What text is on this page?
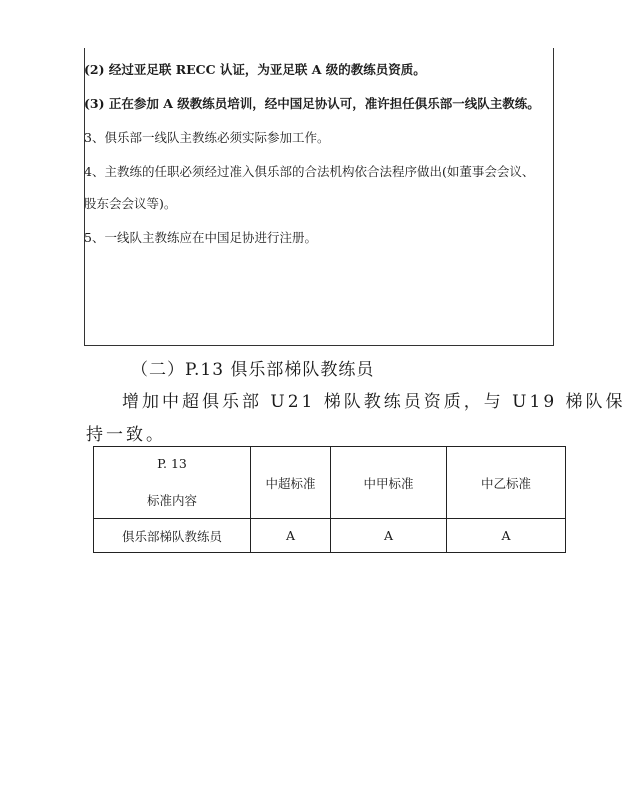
(2) 经过亚足联 RECC 认证，为亚足联 A 级的教练员资质。
(3) 正在参加 A 级教练员培训，经中国足协认可，准许担任俱乐部一线队主教练。
3、俱乐部一线队主教练必须实际参加工作。
4、主教练的任职必须经过准入俱乐部的合法机构依合法程序做出(如董事会会议、
股东会会议等)。
5、一线队主教练应在中国足协进行注册。
（二）P.13 俱乐部梯队教练员
增加中超俱乐部 U21 梯队教练员资质，与 U19 梯队保
持一致。
P. 13
标准内容	中超标准	中甲标准	中乙标准
俱乐部梯队教练员	A	A	A
